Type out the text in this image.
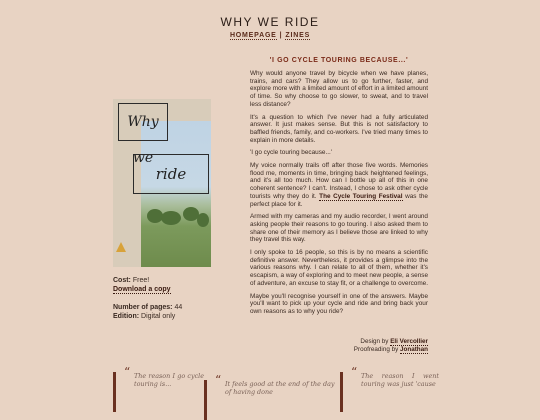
WHY WE RIDE
HOMEPAGE | ZINES
Why we
ride
Cost: Free!
Download a copy
Number of pages: 44
Edition: Digital only
'I GO CYCLE TOURING BECAUSE...'

Why would anyone travel by bicycle when we have planes, trains, and cars? They allow us to go further, faster, and explore more with a limited amount of effort in a limited amount of time. So why choose to go slower, to sweat, and to travel less distance?

It's a question to which I've never had a fully articulated answer. It just makes sense. But this is not satisfactory to baffled friends, family, and co-workers. I've tried many times to explain in more details.

'I go cycle touring because...'

My voice normally trails off after those five words. Memories flood me, moments in time, bringing back heightened feelings, and it's all too much. How can I bottle up all of this in one coherent sentence? I can't. Instead, I chose to ask other cycle tourists why they do it. The Cycle Touring Festival was the perfect place for it.

Armed with my cameras and my audio recorder, I went around asking people their reasons to go touring. I also asked them to share one of their memory as I believe those are linked to why they travel this way.

I only spoke to 16 people, so this is by no means a scientific definitive answer. Nevertheless, it provides a glimpse into the various reasons why. I can relate to all of them, whether it's escapism, a way of exploring and to meet new people, a sense of adventure, an excuse to stay fit, or a challenge to overcome.

Maybe you'll recognise yourself in one of the answers. Maybe you'll want to pick up your cycle and ride and bring back your own reasons as to why you ride?

Design by Eli Vercollier
Proofreading by Jonathan
“ The reason I go cycle touring is...	“ It feels good at the end of the day of having done
“ The reason I went touring was just 'cause
